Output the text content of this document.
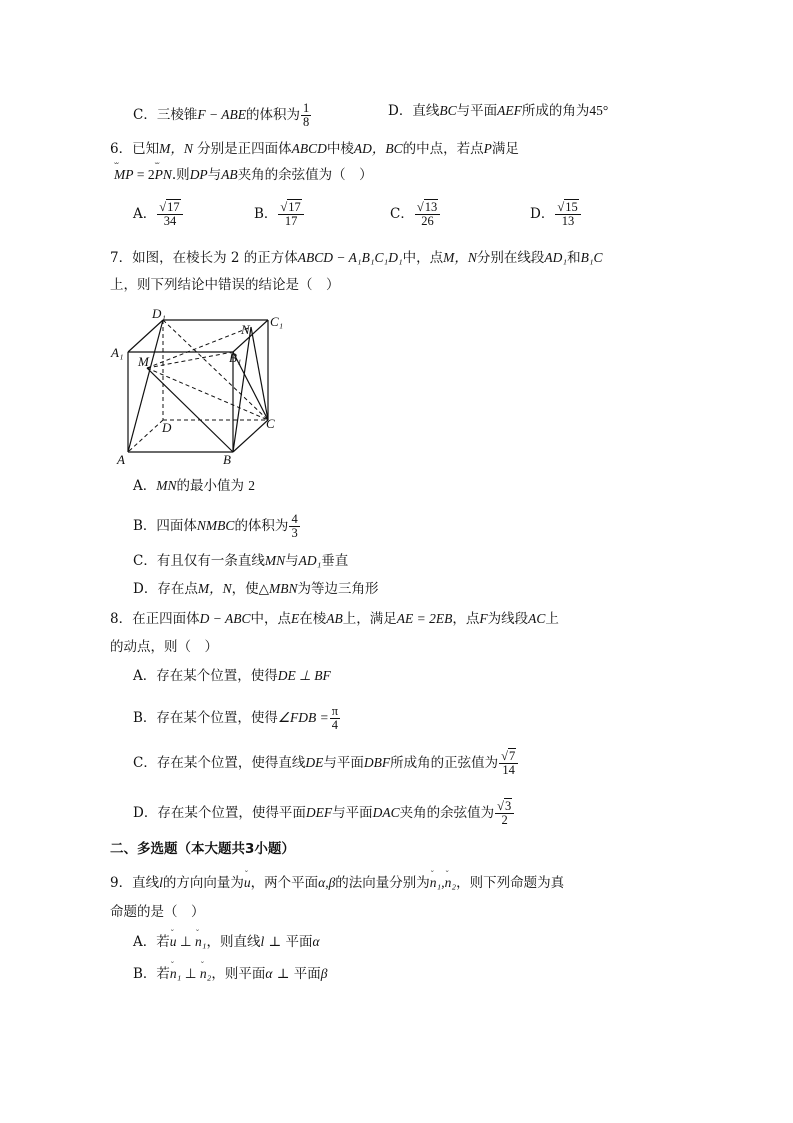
C．三棱锥F − ABE的体积为 $\frac{1}{8}$	D．直线BC与平面AEF所成的角为45°
6．已知M，N 分别是正四面体ABCD中棱AD，BC的中点，若点P满足
˘˘ MP = 2˘˘ PN.则DP与AB夹角的余弦值为（　）
A． $\frac{√17}{34}$	B． $\frac{√17}{17}$	C． $\frac{√13}{26}$	D． $\frac{√15}{13}$
7．如图，在棱长为 2 的正方体ABCD − A₁B₁C₁D₁中，点M，N分别在线段AD₁和B₁C
上，则下列结论中错误的结论是（　）
D₁
C₁
A₁	B₁
M
N
D	C
A	B
A．MN的最小值为 2
B．四面体NMBC的体积为 $\frac{4}{3}$
C．有且仅有一条直线MN与AD₁垂直
D．存在点M，N，使△MBN为等边三角形
8．在正四面体D − ABC中，点E在棱AB上，满足AE = 2EB，点F为线段AC上
的动点，则（　）
A．存在某个位置，使得DE ⊥ BF
B．存在某个位置，使得∠FDB = $\frac{\pi}{4}$
C．存在某个位置，使得直线DE与平面DBF所成角的正弦值为 $\frac{√7}{14}$
D．存在某个位置，使得平面DEF与平面DAC夹角的余弦值为 $\frac{√3}{2}$
二、多选题（本大题共3小题）
9．直线l的方向向量为˘ u，两个平面α,β的法向量分别为˘ n₁,˘ n₂，则下列命题为真
命题的是（　）
A．若˘ u ⊥ ˘ n₁，则直线l ⊥ 平面α
B．若˘ n₁ ⊥ ˘ n₂，则平面α ⊥ 平面β
